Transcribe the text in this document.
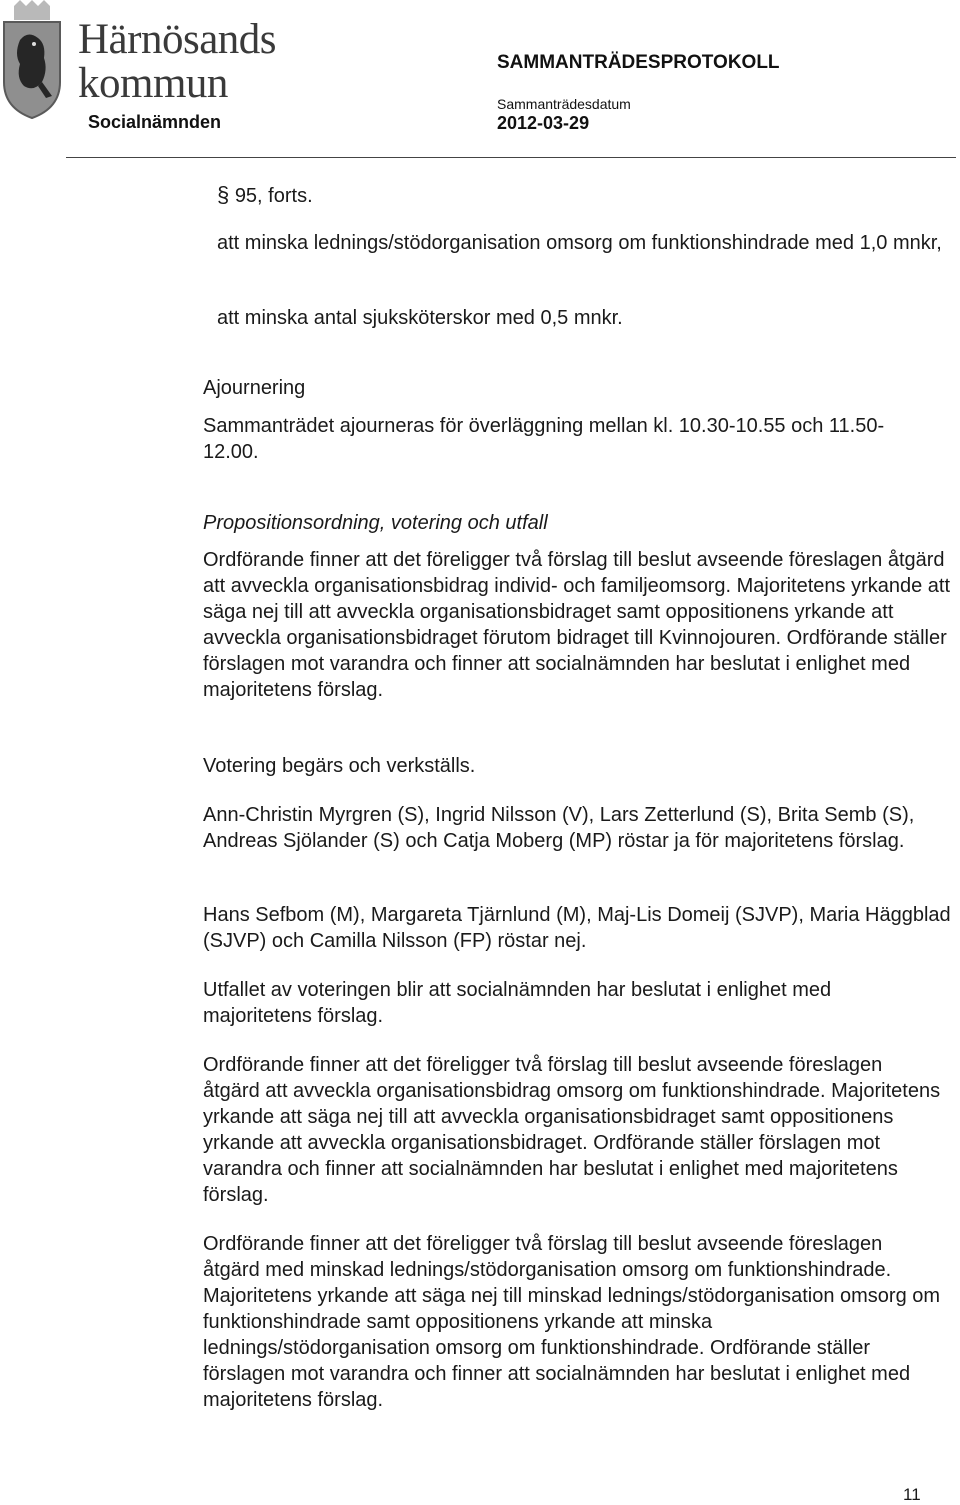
Härnösands
kommun
Socialnämnden
SAMMANTRÄDESPROTOKOLL
Sammanträdesdatum
2012-03-29
§ 95, forts.

att minska lednings/stödorganisation omsorg om funktionshindrade med 1,0 mnkr,

att minska antal sjuksköterskor med 0,5 mnkr.

Ajournering

Sammanträdet ajourneras för överläggning mellan kl. 10.30-10.55 och 11.50-12.00.

Propositionsordning, votering och utfall

Ordförande finner att det föreligger två förslag till beslut avseende föreslagen åtgärd att avveckla organisationsbidrag individ- och familjeomsorg. Majoritetens yrkande att säga nej till att avveckla organisationsbidraget samt oppositionens yrkande att avveckla organisationsbidraget förutom bidraget till Kvinnojouren. Ordförande ställer förslagen mot varandra och finner att socialnämnden har beslutat i enlighet med majoritetens förslag.

Votering begärs och verkställs.

Ann-Christin Myrgren (S), Ingrid Nilsson (V), Lars Zetterlund (S), Brita Semb (S), Andreas Sjölander (S) och Catja Moberg (MP) röstar ja för majoritetens förslag.

Hans Sefbom (M), Margareta Tjärnlund (M), Maj-Lis Domeij (SJVP), Maria Häggblad (SJVP) och Camilla Nilsson (FP) röstar nej.

Utfallet av voteringen blir att socialnämnden har beslutat i enlighet med majoritetens förslag.

Ordförande finner att det föreligger två förslag till beslut avseende föreslagen åtgärd att avveckla organisationsbidrag omsorg om funktionshindrade. Majoritetens yrkande att säga nej till att avveckla organisationsbidraget samt oppositionens yrkande att avveckla organisationsbidraget. Ordförande ställer förslagen mot varandra och finner att socialnämnden har beslutat i enlighet med majoritetens förslag.

Ordförande finner att det föreligger två förslag till beslut avseende föreslagen åtgärd med minskad lednings/stödorganisation omsorg om funktionshindrade. Majoritetens yrkande att säga nej till minskad lednings/stödorganisation omsorg om funktionshindrade samt oppositionens yrkande att minska lednings/stödorganisation omsorg om funktionshindrade. Ordförande ställer förslagen mot varandra och finner att socialnämnden har beslutat i enlighet med majoritetens förslag.

11
